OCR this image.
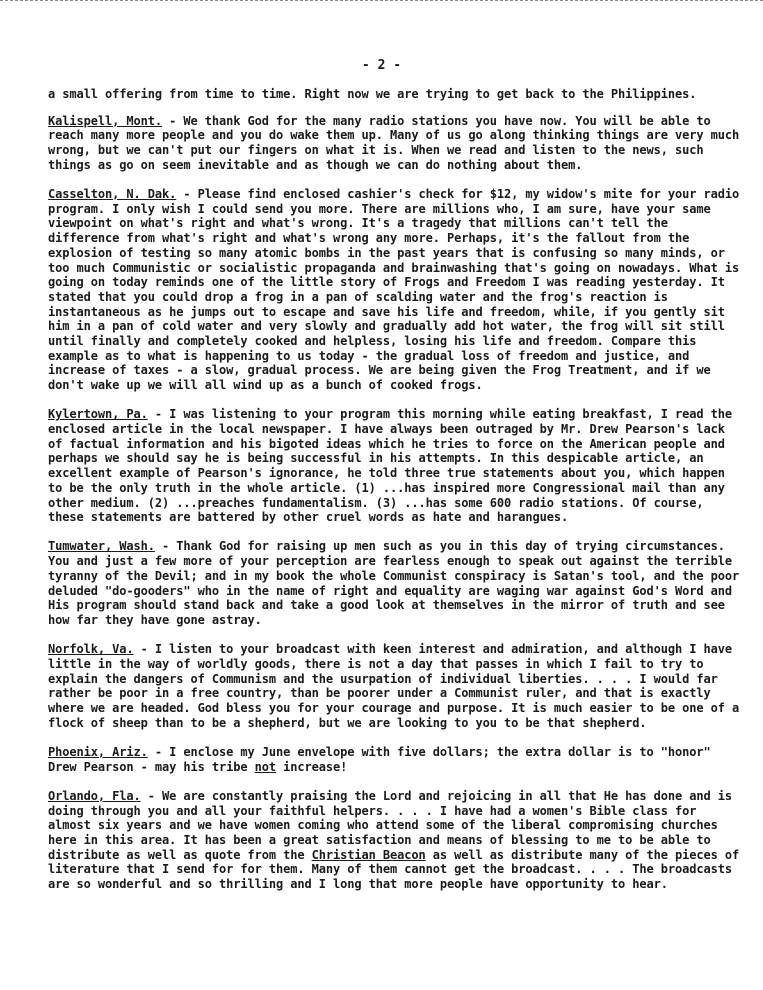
- 2 -

a small offering from time to time. Right now we are trying to get back to the Philippines.

Kalispell, Mont. - We thank God for the many radio stations you have now. You will be able to reach many more people and you do wake them up. Many of us go along thinking things are very much wrong, but we can't put our fingers on what it is. When we read and listen to the news, such things as go on seem inevitable and as though we can do nothing about them.

Casselton, N. Dak. - Please find enclosed cashier's check for $12, my widow's mite for your radio program. I only wish I could send you more. There are millions who, I am sure, have your same viewpoint on what's right and what's wrong. It's a tragedy that millions can't tell the difference from what's right and what's wrong any more. Perhaps, it's the fallout from the explosion of testing so many atomic bombs in the past years that is confusing so many minds, or too much Communistic or socialistic propaganda and brainwashing that's going on nowadays. What is going on today reminds one of the little story of Frogs and Freedom I was reading yesterday. It stated that you could drop a frog in a pan of scalding water and the frog's reaction is instantaneous as he jumps out to escape and save his life and freedom, while, if you gently sit him in a pan of cold water and very slowly and gradually add hot water, the frog will sit still until finally and completely cooked and helpless, losing his life and freedom. Compare this example as to what is happening to us today - the gradual loss of freedom and justice, and increase of taxes - a slow, gradual process. We are being given the Frog Treatment, and if we don't wake up we will all wind up as a bunch of cooked frogs.

Kylertown, Pa. - I was listening to your program this morning while eating breakfast, I read the enclosed article in the local newspaper. I have always been outraged by Mr. Drew Pearson's lack of factual information and his bigoted ideas which he tries to force on the American people and perhaps we should say he is being successful in his attempts. In this despicable article, an excellent example of Pearson's ignorance, he told three true statements about you, which happen to be the only truth in the whole article. (1) ...has inspired more Congressional mail than any other medium. (2) ...preaches fundamentalism. (3) ...has some 600 radio stations. Of course, these statements are battered by other cruel words as hate and harangues.

Tumwater, Wash. - Thank God for raising up men such as you in this day of trying circumstances. You and just a few more of your perception are fearless enough to speak out against the terrible tyranny of the Devil; and in my book the whole Communist conspiracy is Satan's tool, and the poor deluded "do-gooders" who in the name of right and equality are waging war against God's Word and His program should stand back and take a good look at themselves in the mirror of truth and see how far they have gone astray.

Norfolk, Va. - I listen to your broadcast with keen interest and admiration, and although I have little in the way of worldly goods, there is not a day that passes in which I fail to try to explain the dangers of Communism and the usurpation of individual liberties. . . . I would far rather be poor in a free country, than be poorer under a Communist ruler, and that is exactly where we are headed. God bless you for your courage and purpose. It is much easier to be one of a flock of sheep than to be a shepherd, but we are looking to you to be that shepherd.

Phoenix, Ariz. - I enclose my June envelope with five dollars; the extra dollar is to "honor" Drew Pearson - may his tribe not increase!

Orlando, Fla. - We are constantly praising the Lord and rejoicing in all that He has done and is doing through you and all your faithful helpers. . . . I have had a women's Bible class for almost six years and we have women coming who attend some of the liberal compromising churches here in this area. It has been a great satisfaction and means of blessing to me to be able to distribute as well as quote from the Christian Beacon as well as distribute many of the pieces of literature that I send for for them. Many of them cannot get the broadcast. . . . The broadcasts are so wonderful and so thrilling and I long that more people have opportunity to hear.
